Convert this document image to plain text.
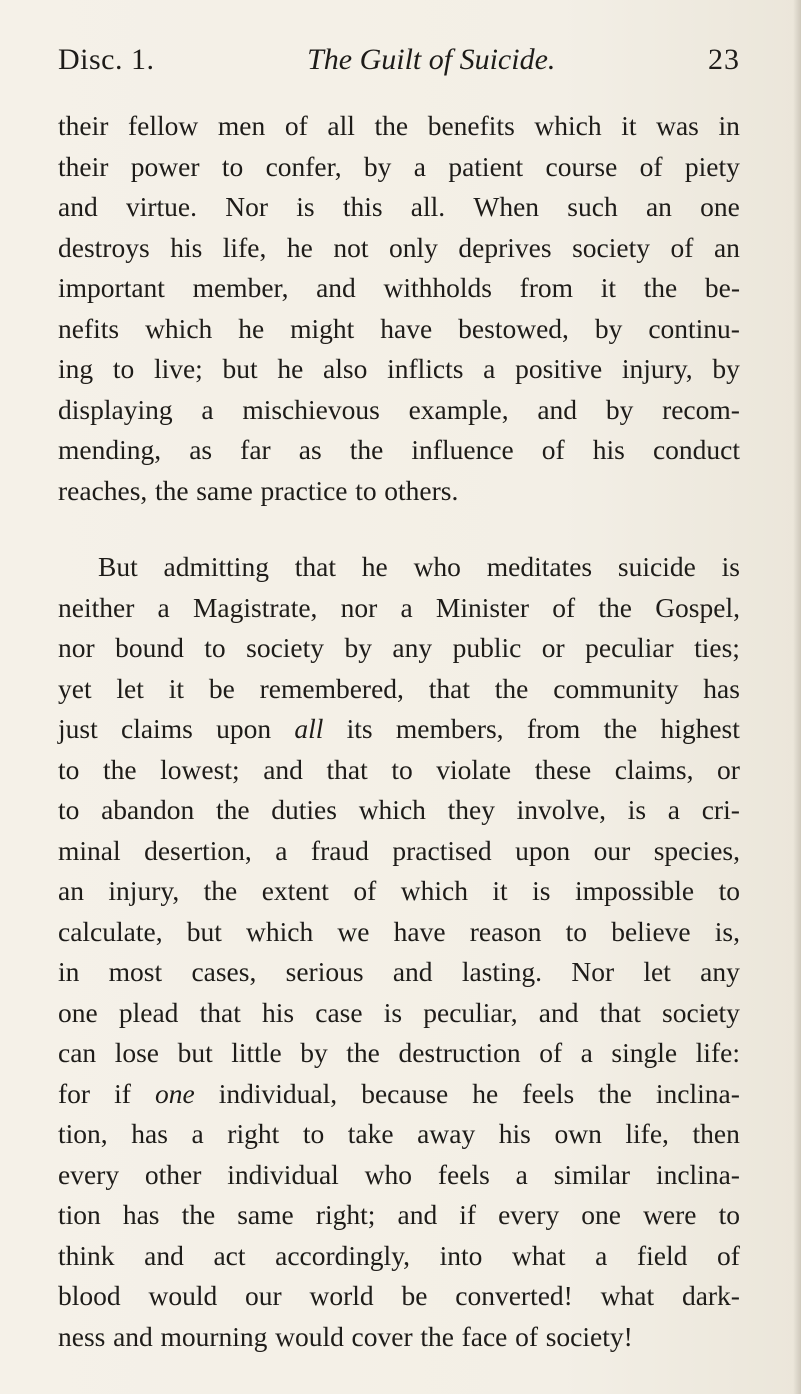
Disc. 1.	The Guilt of Suicide.	23
their fellow men of all the benefits which it was in
their power to confer, by a patient course of piety
and virtue. Nor is this all. When such an one
destroys his life, he not only deprives society of an
important member, and withholds from it the be-
nefits which he might have bestowed, by continu-
ing to live; but he also inflicts a positive injury, by
displaying a mischievous example, and by recom-
mending, as far as the influence of his conduct
reaches, the same practice to others.
But admitting that he who meditates suicide is
neither a Magistrate, nor a Minister of the Gospel,
nor bound to society by any public or peculiar ties;
yet let it be remembered, that the community has
just claims upon all its members, from the highest
to the lowest; and that to violate these claims, or
to abandon the duties which they involve, is a cri-
minal desertion, a fraud practised upon our species,
an injury, the extent of which it is impossible to
calculate, but which we have reason to believe is,
in most cases, serious and lasting. Nor let any
one plead that his case is peculiar, and that society
can lose but little by the destruction of a single life:
for if one individual, because he feels the inclina-
tion, has a right to take away his own life, then
every other individual who feels a similar inclina-
tion has the same right; and if every one were to
think and act accordingly, into what a field of
blood would our world be converted! what dark-
ness and mourning would cover the face of society!
